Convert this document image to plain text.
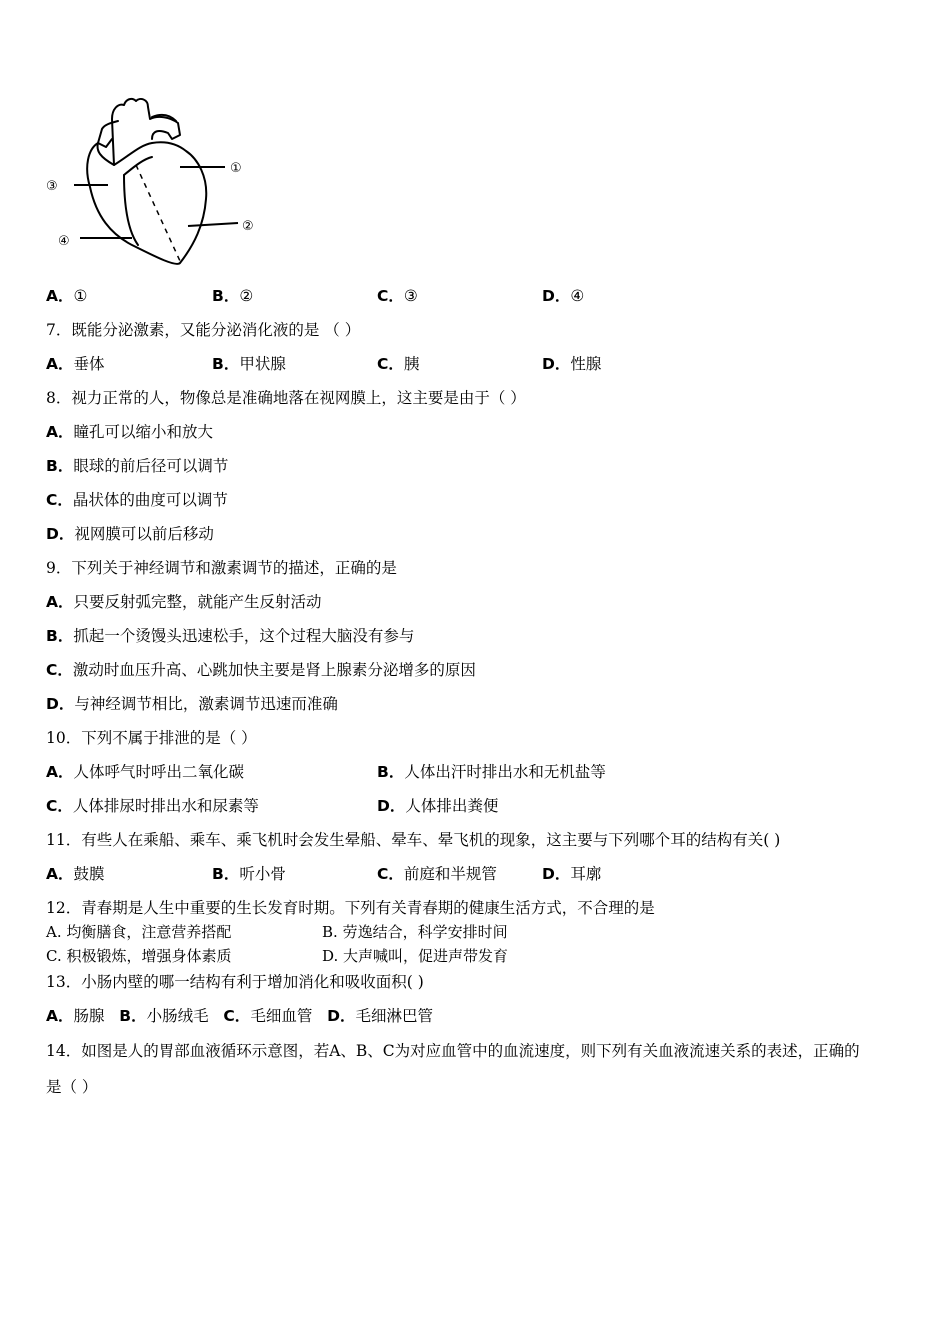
①
②
③
④
A．①	B．②	C．③	D．④
7．既能分泌激素，又能分泌消化液的是 （ ）
A．垂体	B．甲状腺	C．胰	D．性腺
8．视力正常的人，物像总是准确地落在视网膜上，这主要是由于（ ）
A．瞳孔可以缩小和放大
B．眼球的前后径可以调节
C．晶状体的曲度可以调节
D．视网膜可以前后移动
9．下列关于神经调节和激素调节的描述，正确的是
A．只要反射弧完整，就能产生反射活动
B．抓起一个烫馒头迅速松手，这个过程大脑没有参与
C．激动时血压升高、心跳加快主要是肾上腺素分泌增多的原因
D．与神经调节相比，激素调节迅速而准确
10．下列不属于排泄的是（ ）
A．人体呼气时呼出二氧化碳	B．人体出汗时排出水和无机盐等
C．人体排尿时排出水和尿素等	D．人体排出粪便
11．有些人在乘船、乘车、乘飞机时会发生晕船、晕车、晕飞机的现象，这主要与下列哪个耳的结构有关( )
A．鼓膜	B．听小骨	C．前庭和半规管	D．耳廓
12．青春期是人生中重要的生长发育时期。下列有关青春期的健康生活方式，不合理的是
A. 均衡膳食，注意营养搭配	B. 劳逸结合，科学安排时间
C. 积极锻炼，增强身体素质	D. 大声喊叫，促进声带发育
13．小肠内壁的哪一结构有利于增加消化和吸收面积( )
A．肠腺 B．小肠绒毛 C．毛细血管 D．毛细淋巴管
14．如图是人的胃部血液循环示意图，若A、B、C为对应血管中的血流速度，则下列有关血液流速关系的表述，正确的
是（ ）
